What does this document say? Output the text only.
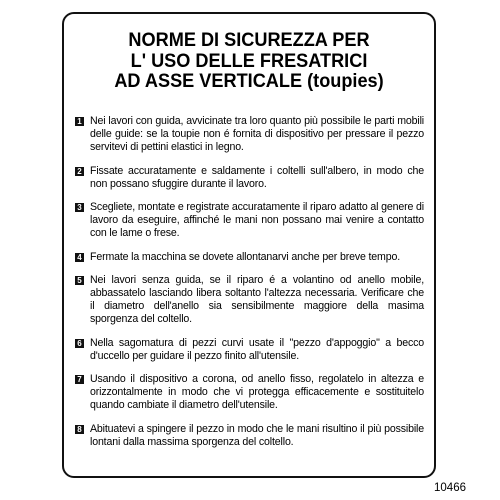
NORME DI SICUREZZA PER
L' USO DELLE FRESATRICI
AD ASSE VERTICALE (toupies)
1 Nei lavori con guida, avvicinate tra loro quanto più possibile le parti mobili delle guide: se la toupie non é fornita di dispositivo per pressare il pezzo servitevi di pettini elastici in legno.
2 Fissate accuratamente e saldamente i coltelli sull'albero, in modo che non possano sfuggire durante il lavoro.
3 Scegliete, montate e registrate accuratamente il riparo adatto al genere di lavoro da eseguire, affinché le mani non possano mai venire a contatto con le lame o frese.
4 Fermate la macchina se dovete allontanarvi anche per breve tempo.
5 Nei lavori senza guida, se il riparo é a volantino od anello mobile, abbassatelo lasciando libera soltanto l'altezza necessaria. Verificare che il diametro dell'anello sia sensibilmente maggiore della masima sporgenza del coltello.
6 Nella sagomatura di pezzi curvi usate il "pezzo d'appoggio" a becco d'uccello per guidare il pezzo finito all'utensile.
7 Usando il dispositivo a corona, od anello fisso, regolatelo in altezza e orizzontalmente in modo che vi protegga efficacemente e sostituitelo quando cambiate il diametro dell'utensile.
8 Abituatevi a spingere il pezzo in modo che le mani risultino il più possibile lontani dalla massima sporgenza del coltello.
10466
